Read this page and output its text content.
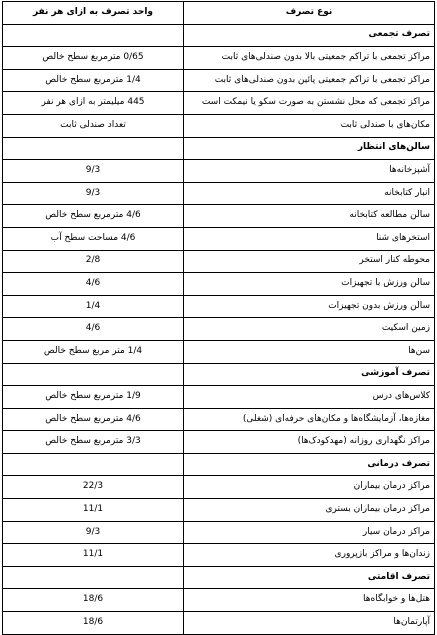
نوع تصرف	واحد تصرف به ازای هر نفر
تصرف تجمعی	
مراکز تجمعی با تراکم جمعیتی بالا بدون صندلی‌های ثابت	0/65 مترمربع سطح خالص
مراکز تجمعی با تراکم جمعیتی پائین بدون صندلی‌های ثابت	1/4 مترمربع سطح خالص
مراکز تجمعی که محل نشستن به صورت سکو یا نیمکت است	445 میلیمتر به ازای هر نفر
مکان‌های با صندلی ثابت	تعداد صندلی ثابت
سالن‌های انتظار	
آشپزخانه‌ها	9/3
انبار کتابخانه	9/3
سالن مطالعه کتابخانه	4/6 مترمربع سطح خالص
استخرهای شنا	4/6 مساحت سطح آب
محوطه کنار استخر	2/8
سالن ورزش با تجهیزات	4/6
سالن ورزش بدون تجهیزات	1/4
زمین اسکیت	4/6
سن‌ها	1/4 متر مربع سطح خالص
تصرف آموزشی	
کلاس‌های درس	1/9 مترمربع سطح خالص
مغازه‌ها، آزمایشگاه‌ها و مکان‌های حرفه‌ای (شغلی)	4/6 مترمربع سطح خالص
مراکز نگهداری روزانه (مهدکودک‌ها)	3/3 مترمربع سطح خالص
تصرف درمانی	
مراکز درمان بیماران	22/3
مراکز درمان بیماران بستری	11/1
مراکز درمان سیار	9/3
زندان‌ها و مراکز بازپروری	11/1
تصرف اقامتی	
هتل‌ها و خوابگاه‌ها	18/6
آپارتمان‌ها	18/6
